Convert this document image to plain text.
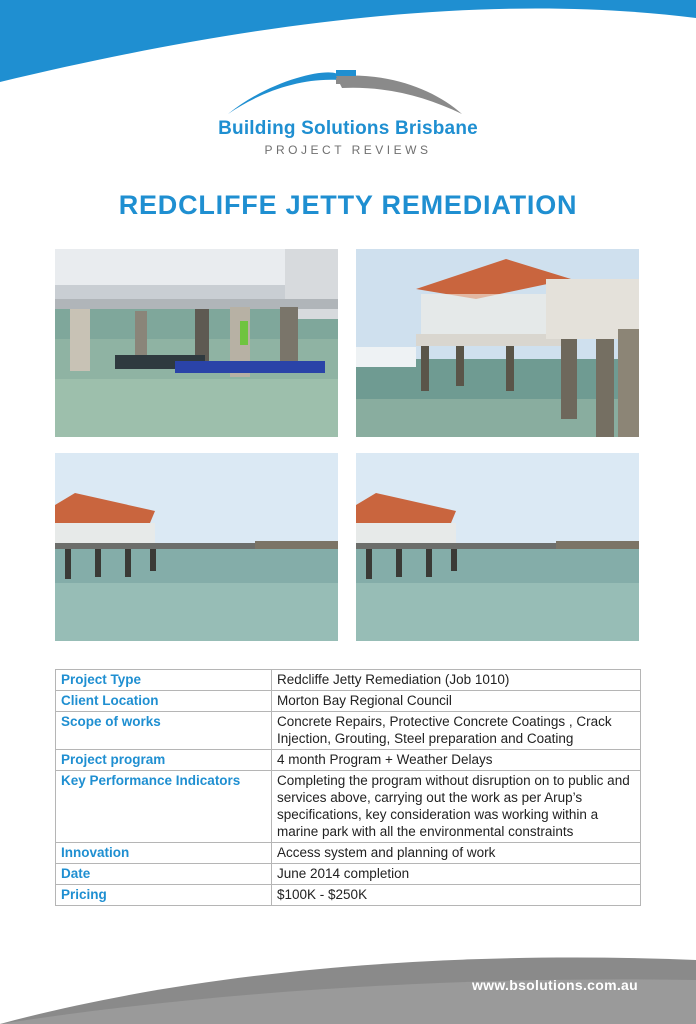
Building Solutions Brisbane
PROJECT REVIEWS
REDCLIFFE JETTY REMEDIATION
Project Type	Redcliffe Jetty Remediation (Job 1010)
Client Location	Morton Bay Regional Council
Scope of works	Concrete Repairs, Protective Concrete Coatings , Crack Injection, Grouting, Steel preparation and Coating
Project program	4 month Program + Weather Delays
Key Performance Indicators	Completing the program without disruption on to public and services above, carrying out the work as per Arup’s specifications, key consideration was working within a marine park with all the environmental constraints
Innovation	Access system and planning of work
Date	June 2014 completion
Pricing	$100K - $250K
www.bsolutions.com.au
